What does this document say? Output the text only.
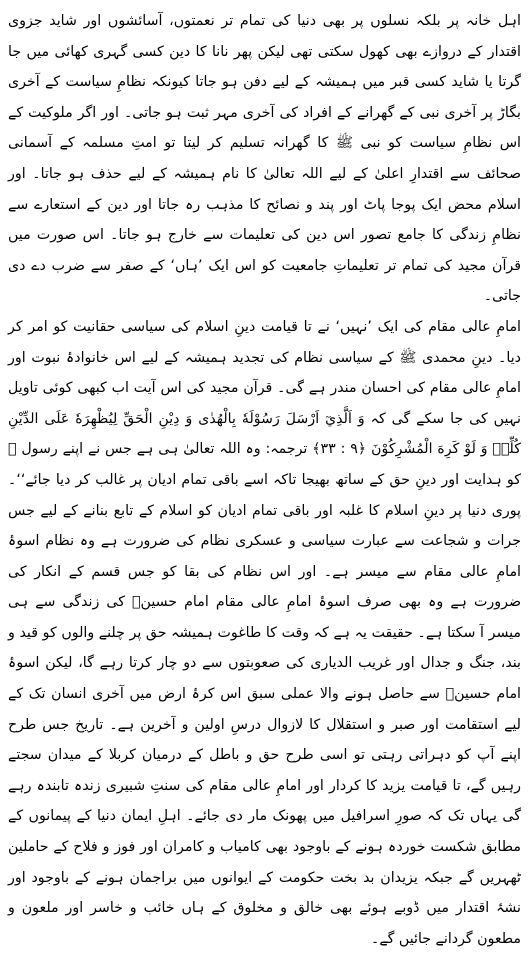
اہل خانہ پر بلکہ نسلوں پر بھی دنیا کی تمام تر نعمتوں، آسائشوں اور شاید جزوی اقتدار کے دروازے بھی کھول سکتی تھی لیکن پھر نانا کا دین کسی گہری کھائی میں جا گرتا یا شاید کسی قبر میں ہمیشہ کے لیے دفن ہو جاتا کیونکہ نظامِ سیاست کے آخری بگاڑ پر آخری نبی کے گھرانے کے افراد کی آخری مہر ثبت ہو جاتی۔ اور اگر ملوکیت کے اس نظامِ سیاست کو نبی ﷺ کا گھرانہ تسلیم کر لیتا تو امتِ مسلمہ کے آسمانی صحائف سے اقتدارِ اعلیٰ کے لیے اللہ تعالیٰ کا نام ہمیشہ کے لیے حذف ہو جاتا۔ اور اسلام محض ایک پوجا پاٹ اور پند و نصائح کا مذہب رہ جاتا اور دین کے استعارے سے نظامِ زندگی کا جامع تصور اس دین کی تعلیمات سے خارج ہو جاتا۔ اس صورت میں قرآن مجید کی تمام تر تعلیماتِ جامعیت کو اس ایک ’ہاں‘ کے صفر سے ضرب دے دی جاتی۔

امامِ عالی مقام کی ایک ’نہیں‘ نے تا قیامت دینِ اسلام کی سیاسی حقانیت کو امر کر دیا۔ دینِ محمدی ﷺ کے سیاسی نظام کی تجدید ہمیشہ کے لیے اس خانوادۂ نبوت اور امامِ عالی مقام کی احسان مندر ہے گی۔ قرآن مجید کی اس آیت اب کبھی کوئی تاویل نہیں کی جا سکے گی کہ وَ اَلَّذِيٓ اَرْسَلَ رَسُوْلَهٗ بِالْهُدٰى وَ دِيْنِ الْحَقِّ لِيُظْهِرَهٗ عَلَى الدِّيْنِ كُلِّهٖ وَ لَوْ كَرِهَ الْمُشْرِكُوْنَ ﴿۹ : ۳۳﴾ ترجمہ: وہ اللہ تعالیٰ ہی ہے جس نے اپنے رسول ﷺ کو ہدایت اور دینِ حق کے ساتھ بھیجا تاکہ اسے باقی تمام ادیان پر غالب کر دیا جائے‘‘۔ پوری دنیا پر دینِ اسلام کا غلبہ اور باقی تمام ادیان کو اسلام کے تابع بنانے کے لیے جس جرات و شجاعت سے عبارت سیاسی و عسکری نظام کی ضرورت ہے وہ نظام اسوۂ امامِ عالی مقام سے میسر ہے۔ اور اس نظام کی بقا کو جس قسم کے انکار کی ضرورت ہے وہ بھی صرف اسوۂ امامِ عالی مقام امام حسینؓ کی زندگی سے ہی میسر آ سکتا ہے۔ حقیقت یہ ہے کہ وقت کا طاغوت ہمیشہ حق پر چلنے والوں کو قید و بند، جنگ و جدال اور غریب الدیاری کی صعوبتوں سے دو چار کرتا رہے گا، لیکن اسوۂ امام حسینؓ سے حاصل ہونے والا عملی سبق اس کرۂ ارض میں آخری انسان تک کے لیے استقامت اور صبر و استقلال کا لازوال درسِ اولین و آخرین ہے۔ تاریخ جس طرح اپنے آپ کو دہراتی رہتی تو اسی طرح حق و باطل کے درمیان کربلا کے میدان سجتے رہیں گے، تا قیامت یزید کا کردار اور امامِ عالی مقام کی سنتِ شبیری زندہ تابندہ رہے گی یہاں تک کہ صورِ اسرافیل میں پھونک مار دی جائے۔ اہلِ ایمان دنیا کے پیمانوں کے مطابق شکست خوردہ ہونے کے باوجود بھی کامیاب و کامران اور فوز و فلاح کے حاملین ٹھہریں گے جبکہ یزیدان بد بخت حکومت کے ایوانوں میں براجمان ہونے کے باوجود اور نشۂ اقتدار میں ڈوبے ہوئے بھی خالق و مخلوق کے ہاں خائب و خاسر اور ملعون و مطعون گردانے جائیں گے۔
